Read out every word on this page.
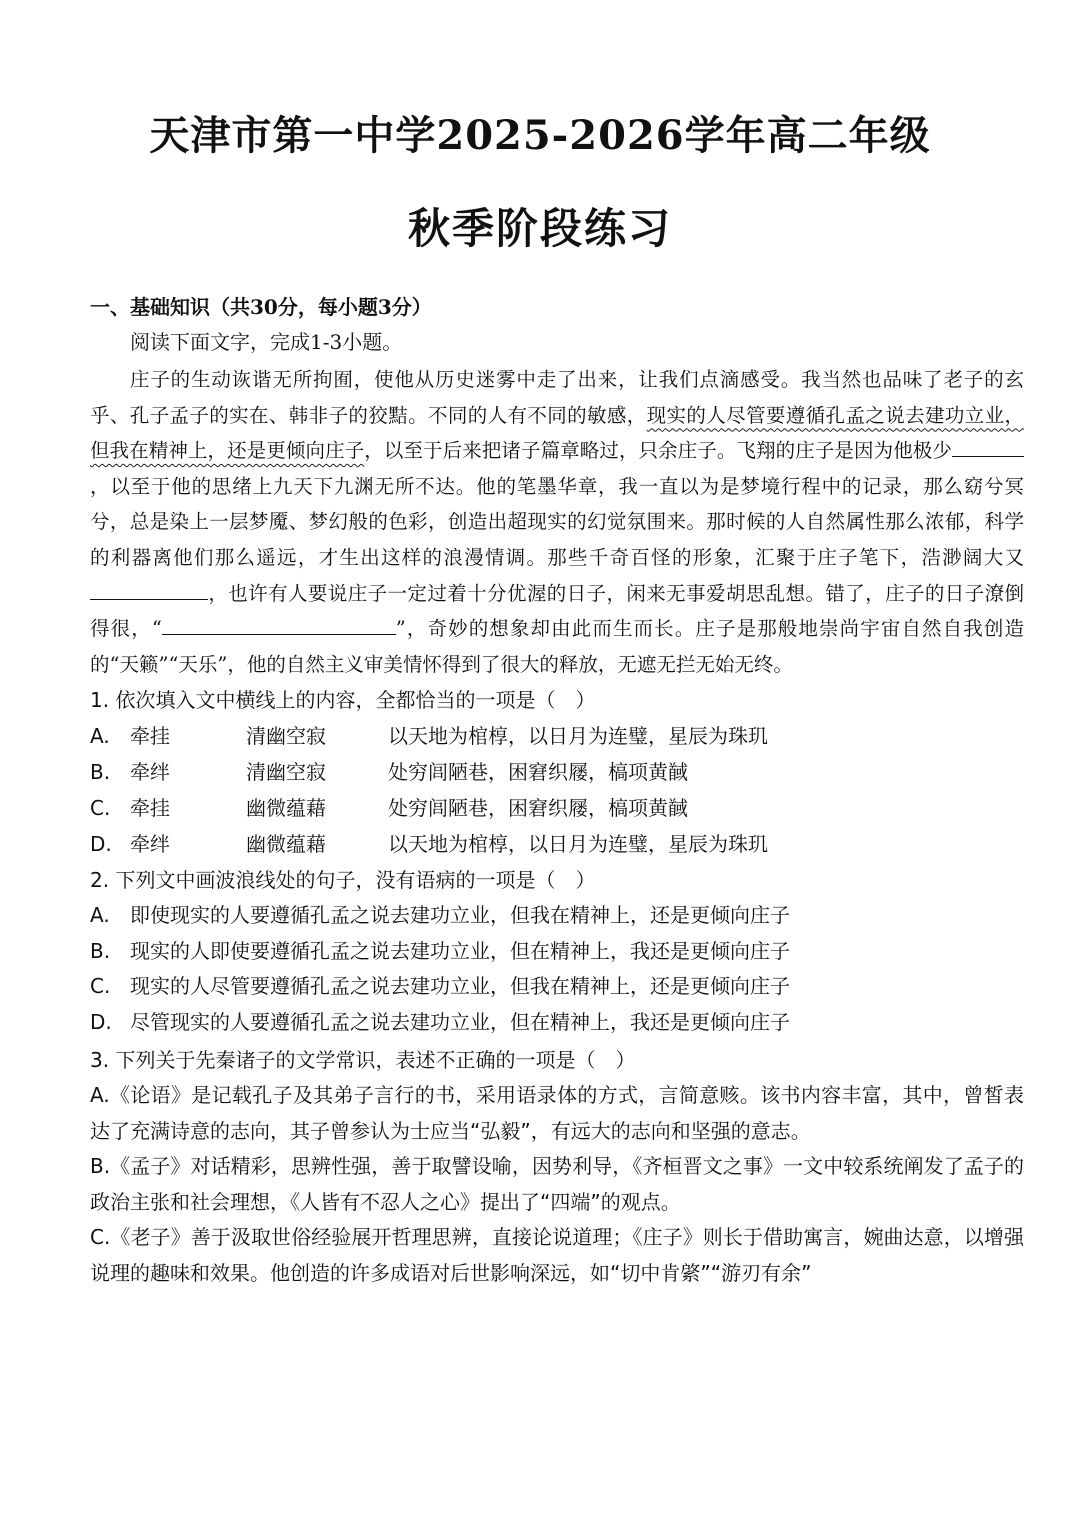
天津市第一中学2025-2026学年高二年级
秋季阶段练习
一、基础知识（共30分，每小题3分）
阅读下面文字，完成1-3小题。
庄子的生动诙谐无所拘囿，使他从历史迷雾中走了出来，让我们点滴感受。我当然也品味了老子的玄乎、孔子孟子的实在、韩非子的狡黠。不同的人有不同的敏感，现实的人尽管要遵循孔孟之说去建功立业，但我在精神上，还是更倾向庄子，以至于后来把诸子篇章略过，只余庄子。飞翔的庄子是因为他极少，以至于他的思绪上九天下九渊无所不达。他的笔墨华章，我一直以为是梦境行程中的记录，那么窈兮冥兮，总是染上一层梦魇、梦幻般的色彩，创造出超现实的幻觉氛围来。那时候的人自然属性那么浓郁，科学的利器离他们那么遥远，才生出这样的浪漫情调。那些千奇百怪的形象，汇聚于庄子笔下，浩渺阔大又，也许有人要说庄子一定过着十分优渥的日子，闲来无事爱胡思乱想。错了，庄子的日子潦倒得很，“	”，奇妙的想象却由此而生而长。庄子是那般地崇尚宇宙自然自我创造的“天籁”“天乐”，他的自然主义审美情怀得到了很大的释放，无遮无拦无始无终。
1. 依次填入文中横线上的内容，全都恰当的一项是（　）
A.	牵挂	清幽空寂	以天地为棺椁，以日月为连璧，星辰为珠玑
B. 牵绊	清幽空寂	处穷闾陋巷，困窘织屦，槁项黄馘
C. 牵挂	幽微蕴藉	处穷闾陋巷，困窘织屦，槁项黄馘
D. 牵绊	幽微蕴藉	以天地为棺椁，以日月为连璧，星辰为珠玑
2. 下列文中画波浪线处的句子，没有语病的一项是（　）
A. 即使现实的人要遵循孔孟之说去建功立业，但我在精神上，还是更倾向庄子
B. 现实的人即使要遵循孔孟之说去建功立业，但在精神上，我还是更倾向庄子
C. 现实的人尽管要遵循孔孟之说去建功立业，但我在精神上，还是更倾向庄子
D. 尽管现实的人要遵循孔孟之说去建功立业，但在精神上，我还是更倾向庄子
3. 下列关于先秦诸子的文学常识，表述不正确的一项是（　）
A.《论语》是记载孔子及其弟子言行的书，采用语录体的方式，言简意赅。该书内容丰富，其中，曾皙表达了充满诗意的志向，其子曾参认为士应当“弘毅”，有远大的志向和坚强的意志。
B.《孟子》对话精彩，思辨性强，善于取譬设喻，因势利导，《齐桓晋文之事》一文中较系统阐发了孟子的政治主张和社会理想，《人皆有不忍人之心》提出了“四端”的观点。
C.《老子》善于汲取世俗经验展开哲理思辨，直接论说道理；《庄子》则长于借助寓言，婉曲达意，以增强说理的趣味和效果。他创造的许多成语对后世影响深远，如“切中肯綮”“游刃有余”
